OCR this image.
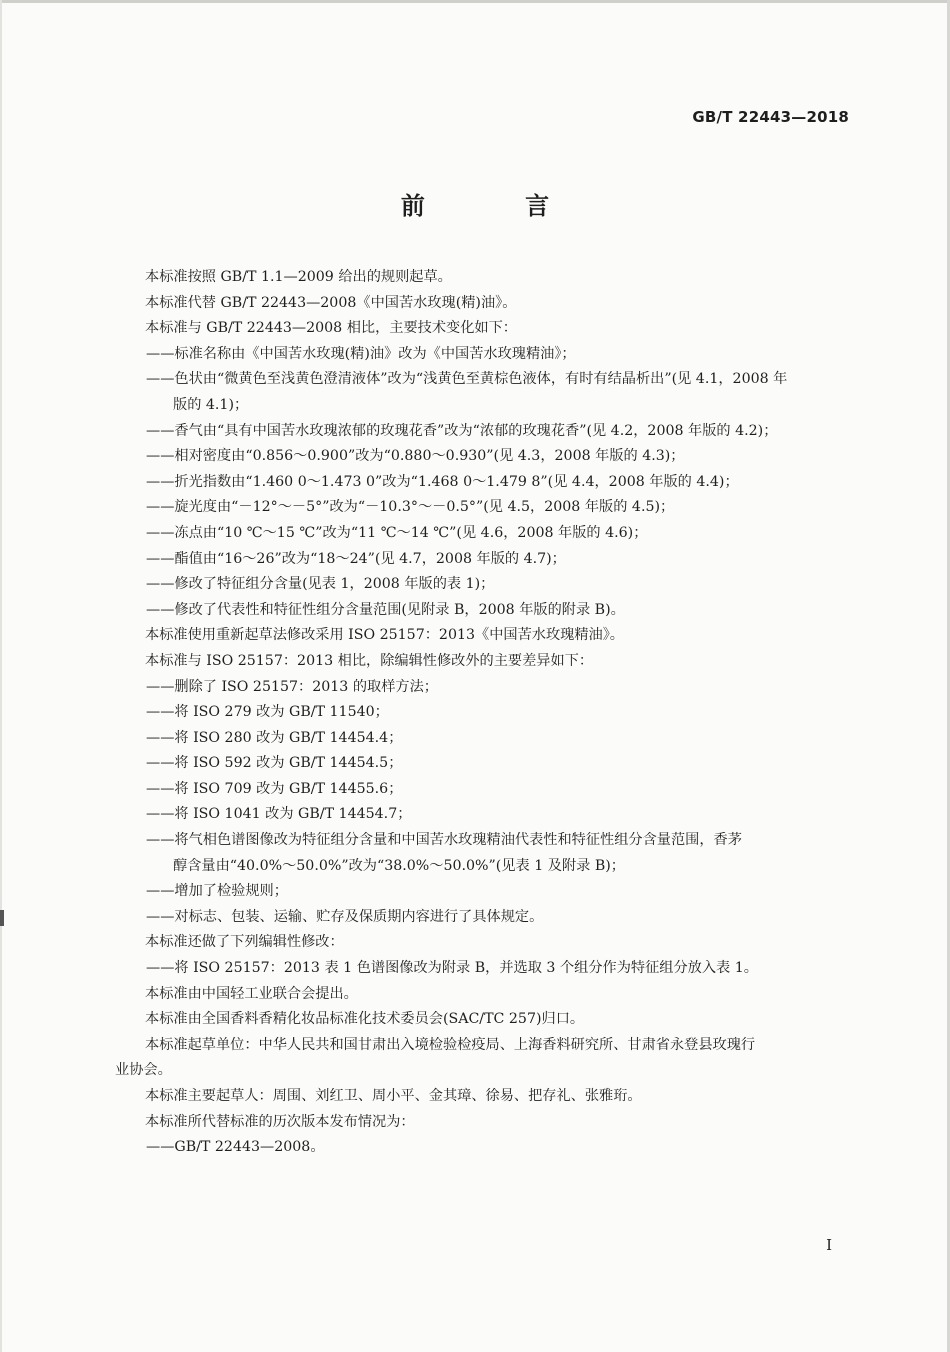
GB/T 22443—2018
前 言
本标准按照 GB/T 1.1—2009 给出的规则起草。
本标准代替 GB/T 22443—2008《中国苦水玫瑰(精)油》。
本标准与 GB/T 22443—2008 相比，主要技术变化如下：
——标准名称由《中国苦水玫瑰(精)油》改为《中国苦水玫瑰精油》；
——色状由“微黄色至浅黄色澄清液体”改为“浅黄色至黄棕色液体，有时有结晶析出”(见 4.1，2008 年
版的 4.1)；
——香气由“具有中国苦水玫瑰浓郁的玫瑰花香”改为“浓郁的玫瑰花香”(见 4.2，2008 年版的 4.2)；
——相对密度由“0.856～0.900”改为“0.880～0.930”(见 4.3，2008 年版的 4.3)；
——折光指数由“1.460 0～1.473 0”改为“1.468 0～1.479 8”(见 4.4，2008 年版的 4.4)；
——旋光度由“－12°～－5°”改为“－10.3°～－0.5°”(见 4.5，2008 年版的 4.5)；
——冻点由“10 ℃～15 ℃”改为“11 ℃～14 ℃”(见 4.6，2008 年版的 4.6)；
——酯值由“16～26”改为“18～24”(见 4.7，2008 年版的 4.7)；
——修改了特征组分含量(见表 1，2008 年版的表 1)；
——修改了代表性和特征性组分含量范围(见附录 B，2008 年版的附录 B)。
本标准使用重新起草法修改采用 ISO 25157：2013《中国苦水玫瑰精油》。
本标准与 ISO 25157：2013 相比，除编辑性修改外的主要差异如下：
——删除了 ISO 25157：2013 的取样方法；
——将 ISO 279 改为 GB/T 11540；
——将 ISO 280 改为 GB/T 14454.4；
——将 ISO 592 改为 GB/T 14454.5；
——将 ISO 709 改为 GB/T 14455.6；
——将 ISO 1041 改为 GB/T 14454.7；
——将气相色谱图像改为特征组分含量和中国苦水玫瑰精油代表性和特征性组分含量范围，香茅
醇含量由“40.0%～50.0%”改为“38.0%～50.0%”(见表 1 及附录 B)；
——增加了检验规则；
——对标志、包装、运输、贮存及保质期内容进行了具体规定。
本标准还做了下列编辑性修改：
——将 ISO 25157：2013 表 1 色谱图像改为附录 B，并选取 3 个组分作为特征组分放入表 1。
本标准由中国轻工业联合会提出。
本标准由全国香料香精化妆品标准化技术委员会(SAC/TC 257)归口。
本标准起草单位：中华人民共和国甘肃出入境检验检疫局、上海香料研究所、甘肃省永登县玫瑰行
业协会。
本标准主要起草人：周围、刘红卫、周小平、金其璋、徐易、把存礼、张雅珩。
本标准所代替标准的历次版本发布情况为：
——GB/T 22443—2008。
I
